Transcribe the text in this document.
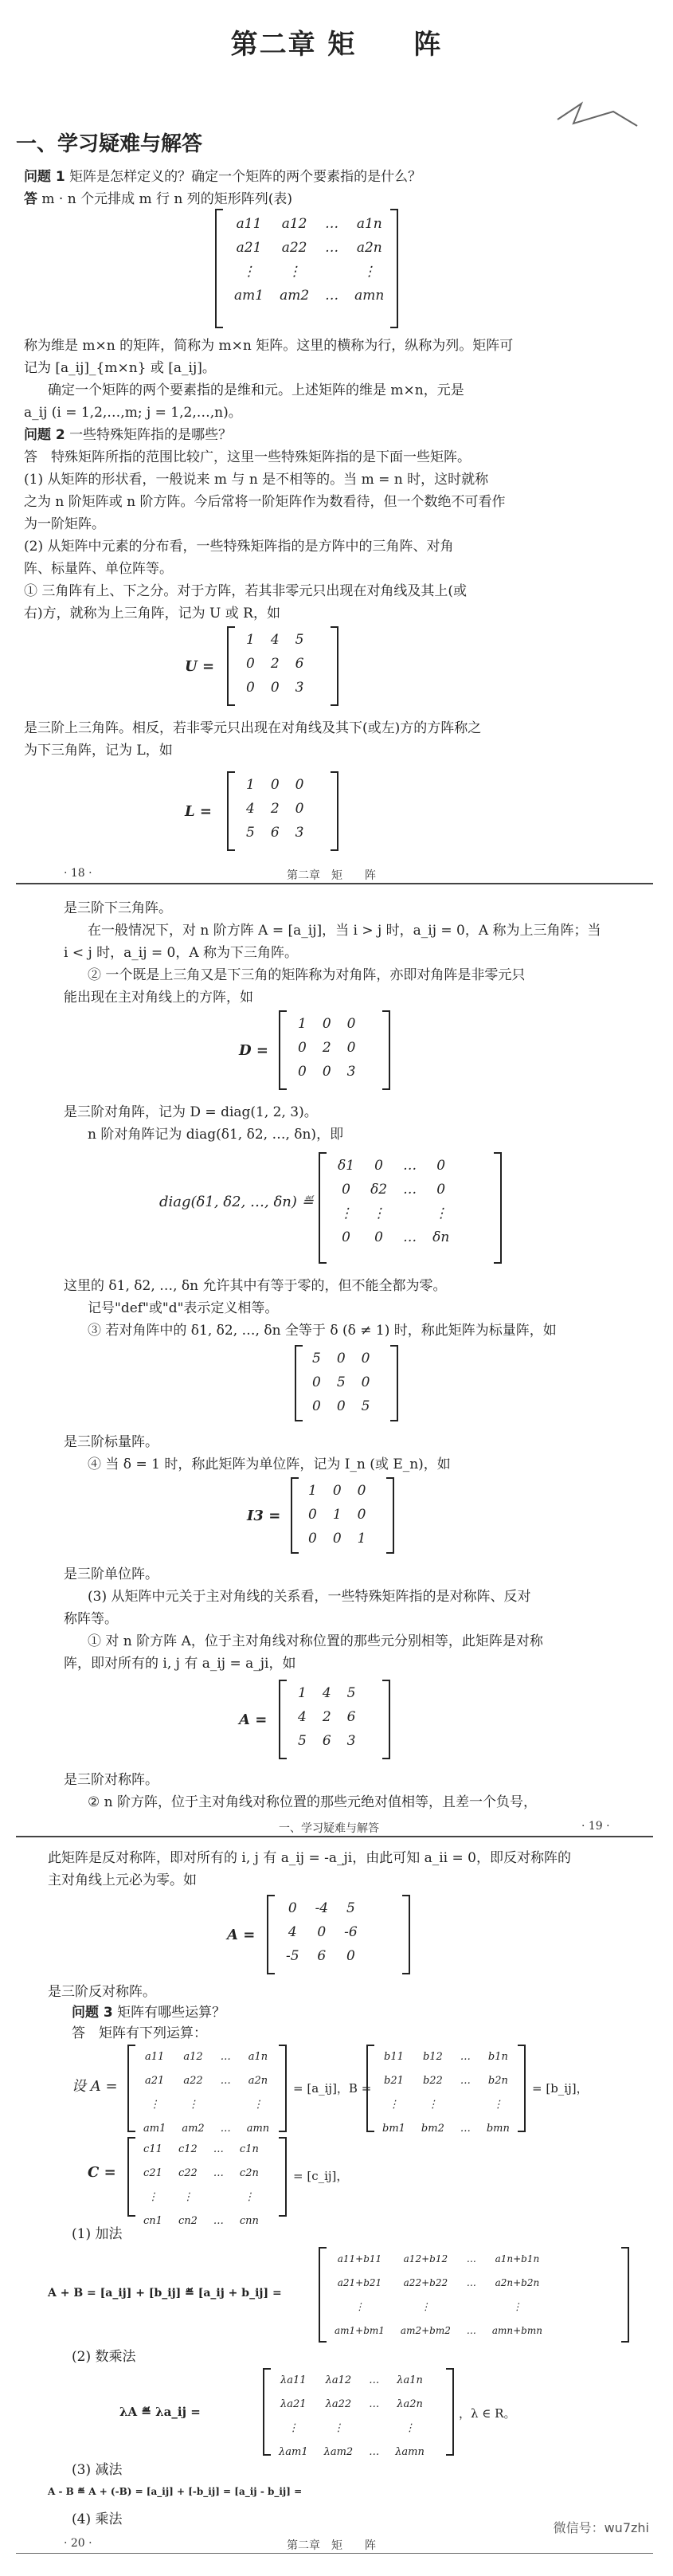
第二章 矩　　阵
一、学习疑难与解答
问题 1 矩阵是怎样定义的？确定一个矩阵的两个要素指的是什么？
答 m · n 个元排成 m 行 n 列的矩形阵列(表)
a11	a12	…	a1n
a21	a22	…	a2n
⋮	⋮		⋮
am1	am2	…	amn
称为维是 m×n 的矩阵，简称为 m×n 矩阵。这里的横称为行，纵称为列。矩阵可
记为 [a_ij]_{m×n} 或 [a_ij]。
确定一个矩阵的两个要素指的是维和元。上述矩阵的维是 m×n，元是
a_ij (i = 1,2,…,m; j = 1,2,…,n)。
问题 2 一些特殊矩阵指的是哪些？
答　特殊矩阵所指的范围比较广，这里一些特殊矩阵指的是下面一些矩阵。
(1) 从矩阵的形状看，一般说来 m 与 n 是不相等的。当 m = n 时，这时就称
之为 n 阶矩阵或 n 阶方阵。今后常将一阶矩阵作为数看待，但一个数绝不可看作
为一阶矩阵。
(2) 从矩阵中元素的分布看，一些特殊矩阵指的是方阵中的三角阵、对角
阵、标量阵、单位阵等。
① 三角阵有上、下之分。对于方阵，若其非零元只出现在对角线及其上(或
右)方，就称为上三角阵，记为 U 或 R，如
U =
1	4	5
0	2	6
0	0	3
是三阶上三角阵。相反，若非零元只出现在对角线及其下(或左)方的方阵称之
为下三角阵，记为 L，如
L =
1	0	0
4	2	0
5	6	3
· 18 ·	第二章　矩　　阵
是三阶下三角阵。
在一般情况下，对 n 阶方阵 A = [a_ij]，当 i > j 时，a_ij = 0，A 称为上三角阵；当
i < j 时，a_ij = 0，A 称为下三角阵。
② 一个既是上三角又是下三角的矩阵称为对角阵，亦即对角阵是非零元只
能出现在主对角线上的方阵，如
D =
1	0	0
0	2	0
0	0	3
是三阶对角阵，记为 D = diag(1, 2, 3)。
n 阶对角阵记为 diag(δ1, δ2, …, δn)，即
diag(δ1, δ2, …, δn) ≝
δ1	0	…	0
0	δ2	…	0
⋮	⋮		⋮
0	0	…	δn
这里的 δ1, δ2, …, δn 允许其中有等于零的，但不能全都为零。
记号"def"或"d"表示定义相等。
③ 若对角阵中的 δ1, δ2, …, δn 全等于 δ (δ ≠ 1) 时，称此矩阵为标量阵，如
5	0	0
0	5	0
0	0	5
是三阶标量阵。
④ 当 δ = 1 时，称此矩阵为单位阵，记为 I_n (或 E_n)，如
I3 =
1	0	0
0	1	0
0	0	1
是三阶单位阵。
(3) 从矩阵中元关于主对角线的关系看，一些特殊矩阵指的是对称阵、反对
称阵等。
① 对 n 阶方阵 A，位于主对角线对称位置的那些元分别相等，此矩阵是对称
阵，即对所有的 i, j 有 a_ij = a_ji，如
A =
1	4	5
4	2	6
5	6	3
是三阶对称阵。
② n 阶方阵，位于主对角线对称位置的那些元绝对值相等，且差一个负号，
一、学习疑难与解答	· 19 ·
此矩阵是反对称阵，即对所有的 i, j 有 a_ij = -a_ji，由此可知 a_ii = 0，即反对称阵的
主对角线上元必为零。如
A =
0	-4	5
4	0	-6
-5	6	0
是三阶反对称阵。
问题 3 矩阵有哪些运算？
答　矩阵有下列运算：
设 A =
a11	a12	…	a1n
a21	a22	…	a2n
⋮	⋮		⋮
am1	am2	…	amn
= [a_ij]，B =
b11	b12	…	b1n
b21	b22	…	b2n
⋮	⋮		⋮
bm1	bm2	…	bmn
= [b_ij]，
C =
c11	c12	…	c1n
c21	c22	…	c2n
⋮	⋮		⋮
cn1	cn2	…	cnn
= [c_ij]，
(1) 加法
A + B = [a_ij] + [b_ij] ≝ [a_ij + b_ij] =
a11+b11	a12+b12	…	a1n+b1n
a21+b21	a22+b22	…	a2n+b2n
⋮	⋮		⋮
am1+bm1	am2+bm2	…	amn+bmn
(2) 数乘法
λA ≝ λa_ij =
λa11	λa12	…	λa1n
λa21	λa22	…	λa2n
⋮	⋮		⋮
λam1	λam2	…	λamn
，λ ∈ R。
(3) 减法
A - B ≝ A + (-B) = [a_ij] + [-b_ij] = [a_ij - b_ij] =
(4) 乘法
· 20 ·	第二章　矩　　阵
微信号：wu7zhi
